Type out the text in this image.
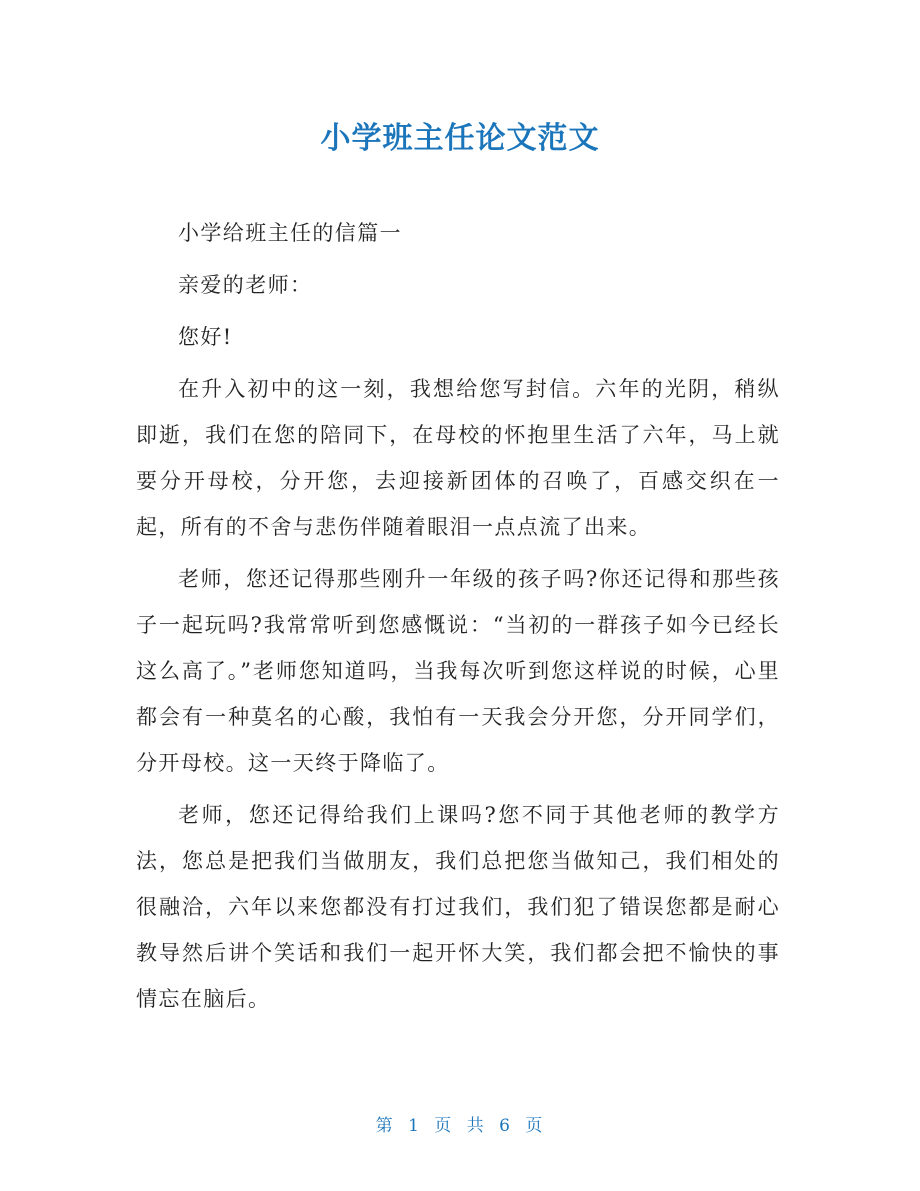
小学班主任论文范文

小学给班主任的信篇一

亲爱的老师：

您好!

在升入初中的这一刻，我想给您写封信。六年的光阴，稍纵即逝，我们在您的陪同下，在母校的怀抱里生活了六年，马上就要分开母校，分开您，去迎接新团体的召唤了，百感交织在一起，所有的不舍与悲伤伴随着眼泪一点点流了出来。

老师，您还记得那些刚升一年级的孩子吗?你还记得和那些孩子一起玩吗?我常常听到您感慨说：“当初的一群孩子如今已经长这么高了。”老师您知道吗，当我每次听到您这样说的时候，心里都会有一种莫名的心酸，我怕有一天我会分开您，分开同学们，分开母校。这一天终于降临了。

老师，您还记得给我们上课吗?您不同于其他老师的教学方法，您总是把我们当做朋友，我们总把您当做知己，我们相处的很融洽，六年以来您都没有打过我们，我们犯了错误您都是耐心教导然后讲个笑话和我们一起开怀大笑，我们都会把不愉快的事情忘在脑后。

第 1 页 共 6 页
